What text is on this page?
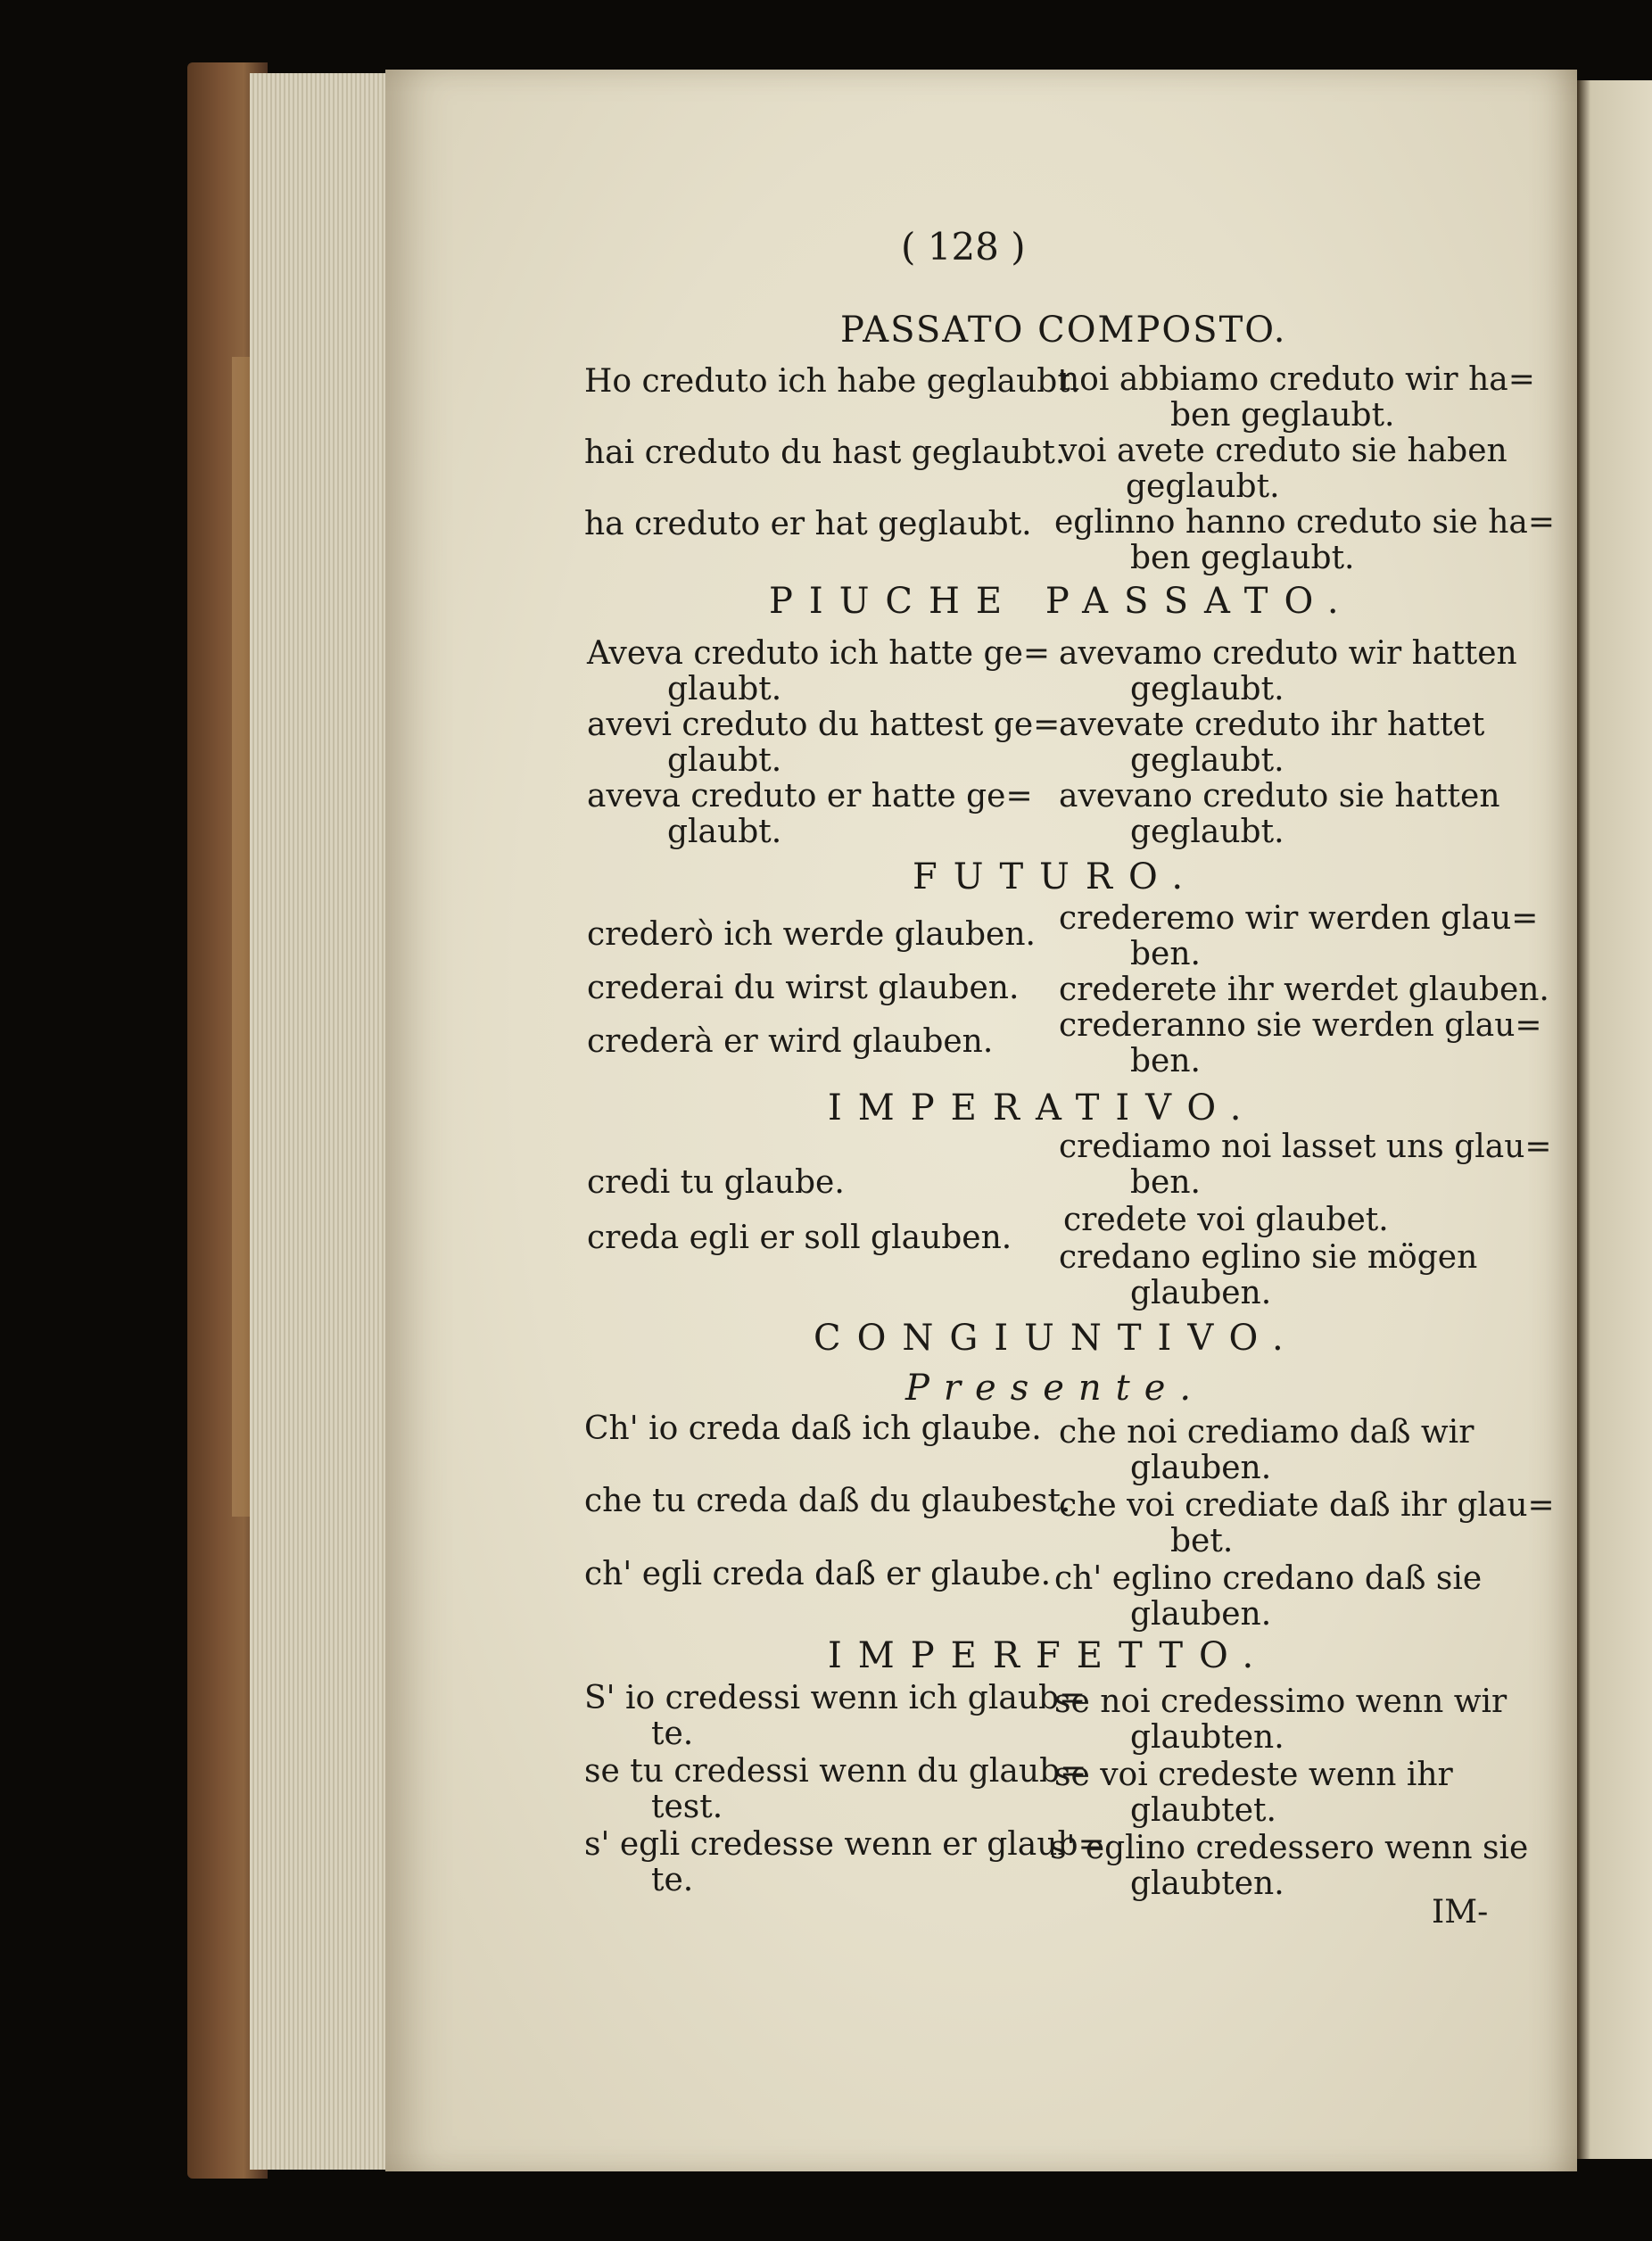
( 128 )
PASSATO COMPOSTO.
Ho creduto ich habe geglaubt.
hai creduto du hast geglaubt.
ha creduto er hat geglaubt.
noi abbiamo creduto wir ha=
ben geglaubt.
voi avete creduto sie haben
geglaubt.
eglinno hanno creduto sie ha=
ben geglaubt.
PIUCHE PASSATO.
Aveva creduto ich hatte ge=
glaubt.
avevi creduto du hattest ge=
glaubt.
aveva creduto er hatte ge=
glaubt.
avevamo creduto wir hatten
geglaubt.
avevate creduto ihr hattet
geglaubt.
avevano creduto sie hatten
geglaubt.
FUTURO.
crederò ich werde glauben.
crederai du wirst glauben.
crederà er wird glauben.
crederemo wir werden glau=
ben.
crederete ihr werdet glauben.
crederanno sie werden glau=
ben.
IMPERATIVO.
credi tu glaube.
creda egli er soll glauben.
crediamo noi lasset uns glau=
ben.
credete voi glaubet.
credano eglino sie mögen
glauben.
CONGIUNTIVO.
Presente.
Ch' io creda daß ich glaube.
che tu creda daß du glaubest.
ch' egli creda daß er glaube.
che noi crediamo daß wir
glauben.
che voi crediate daß ihr glau=
bet.
ch' eglino credano daß sie
glauben.
IMPERFETTO.
S' io credessi wenn ich glaub=
te.
se tu credessi wenn du glaub=
test.
s' egli credesse wenn er glaub=
te.
se noi credessimo wenn wir
glaubten.
se voi credeste wenn ihr
glaubtet.
s' eglino credessero wenn sie
glaubten.
IM-
